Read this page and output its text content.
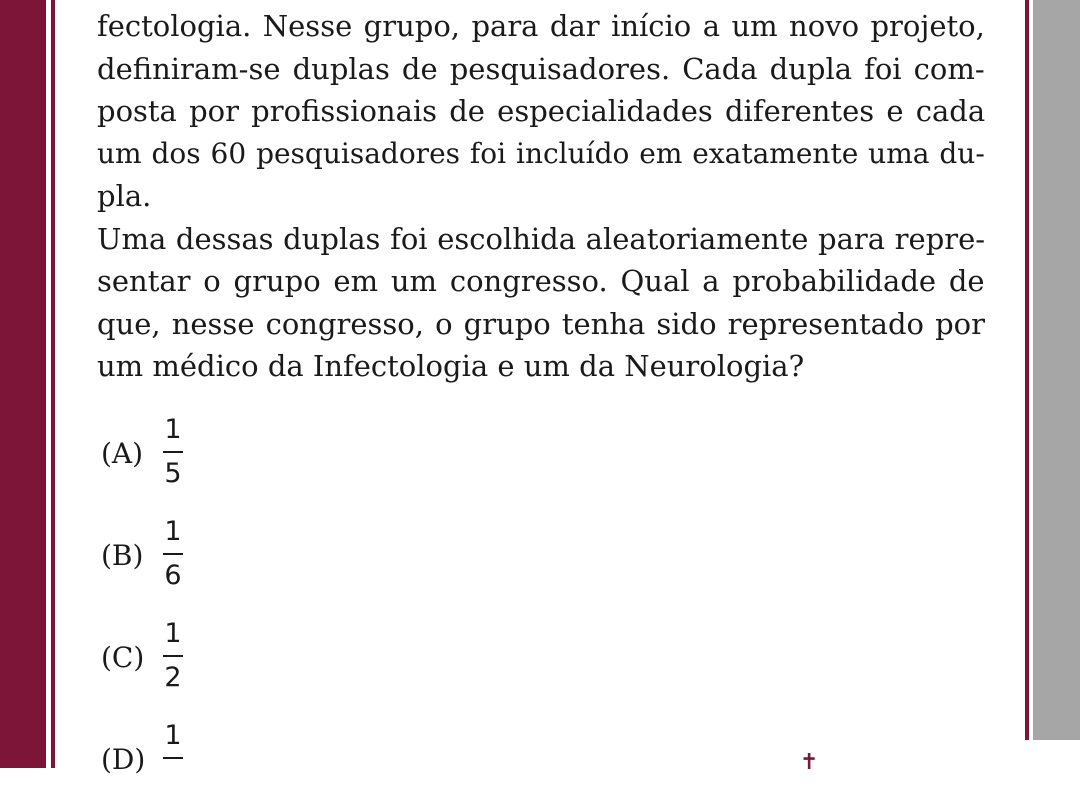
fectologia. Nesse grupo, para dar início a um novo projeto,
definiram-se duplas de pesquisadores. Cada dupla foi com-
posta por profissionais de especialidades diferentes e cada
um dos 60 pesquisadores foi incluído em exatamente uma du-
pla.
Uma dessas duplas foi escolhida aleatoriamente para repre-
sentar o grupo em um congresso. Qual a probabilidade de
que, nesse congresso, o grupo tenha sido representado por
um médico da Infectologia e um da Neurologia?
(A)
1
5
(B)
1
6
(C)
1
2
(D)
1
✝
